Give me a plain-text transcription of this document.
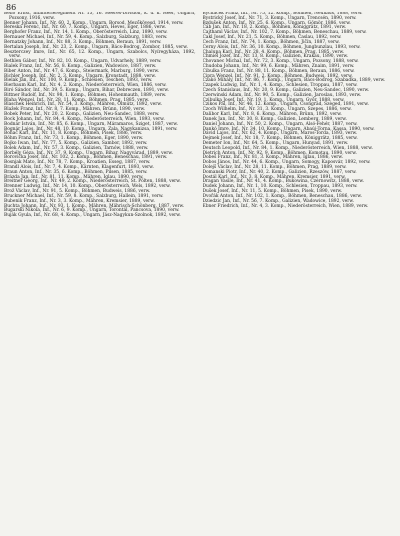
86

Bello Ernst, Infanterieregiment Nr. 13, 16. Heeres-Division, k. u. k. Heer, Ungarn, Pozsony, 1916, verw.

Benner Johann, Inf., Nr. 60, 2. Komp., Ungarn, Borsod, Mezőkövesd, 1914, verw.

Bereska Ferenc, Inf., Nr. 60, 7. Komp., Ungarn, Heves, Eger, 1886, verw.

Berghofer Franz, Inf., Nr. 14, 1. Komp., Oberösterreich, Linz, 1890, verw.

Bernauer Michael, Inf., Nr. 59, 4. Komp., Salzburg, Salzburg, 1883, verw.

Bernatzky Johann, Inf., Nr. 88, 3. Komp., Böhmen, Beraun, 1891, verw.

Bertalan Joseph, Inf., Nr. 23, 2. Komp., Ungarn, Bács-Bodrog, Zombor, 1885, verw.

Beszterczey Imre, Inf., Nr. 65, 12. Komp., Ungarn, Szabolcs, Nyíregyháza, 1892, verw.

Bethlen Gábor, Inf., Nr. 82, 10. Komp., Ungarn, Udvarhely, 1889, verw.

Bialek Franz, Inf., Nr. 56, 8. Komp., Galizien, Wadowice, 1887, verw.

Biber Anton, Inf., Nr. 47, 6. Komp., Steiermark, Marburg, 1890, verw.

Bichler Joseph, Inf., Nr. 2, 3. Komp., Ungarn, Kronstadt, 1888, verw.

Bielak Jan, Inf., Nr. 100, 9. Komp., Schlesien, Teschen, 1893, verw.

Bierbaum Karl, Inf., Nr. 4, 2. Komp., Niederösterreich, Wien, 1886, verw.

Biró Sándor, Inf., Nr. 39, 5. Komp., Ungarn, Bihar, Debreczen, 1891, verw.

Bittner Rudolf, Inf., Nr. 98, 1. Komp., Böhmen, Hohenmauth, 1889, verw.

Blaha Wenzel, Inf., Nr. 28, 11. Komp., Böhmen, Prag, 1885, verw.

Blaschek Heinrich, Inf., Nr. 54, 3. Komp., Mähren, Olmütz, 1892, verw.

Blažek Franz, Inf., Nr. 8, 7. Komp., Mähren, Brünn, 1890, verw.

Bobek Peter, Inf., Nr. 20, 2. Komp., Galizien, Neu-Sandec, 1888, verw.

Bock Johann, Inf., Nr. 84, 4. Komp., Niederösterreich, Wien, 1893, verw.

Bodnár István, Inf., Nr. 85, 6. Komp., Ungarn, Máramaros, Sziget, 1887, verw.

Bognár Lajos, Inf., Nr. 48, 10. Komp., Ungarn, Zala, Nagykanizsa, 1891, verw.

Bohač Karl, Inf., Nr. 11, 8. Komp., Böhmen, Pisek, 1886, verw.

Böhm Franz, Inf., Nr. 73, 1. Komp., Böhmen, Eger, 1890, verw.

Bojko Iwan, Inf., Nr. 77, 5. Komp., Galizien, Sambor, 1892, verw.

Bolek Adam, Inf., Nr. 57, 3. Komp., Galizien, Tarnów, 1888, verw.

Borbély Géza, Inf., Nr. 37, 9. Komp., Ungarn, Bihar, Nagyvárad, 1889, verw.

Borovička Josef, Inf., Nr. 102, 2. Komp., Böhmen, Beneschau, 1891, verw.

Bosnjak Mato, Inf., Nr. 78, 7. Komp., Kroatien, Esseg, 1887, verw.

Brandl Alois, Inf., Nr. 7, 4. Komp., Kärnten, Klagenfurt, 1893, verw.

Braun Anton, Inf., Nr. 35, 6. Komp., Böhmen, Pilsen, 1885, verw.

Brázda Jan, Inf., Nr. 81, 11. Komp., Mähren, Iglau, 1890, verw.

Breitner Georg, Inf., Nr. 49, 2. Komp., Niederösterreich, St. Pölten, 1888, verw.

Brenner Ludwig, Inf., Nr. 14, 10. Komp., Oberösterreich, Wels, 1892, verw.

Brož Václav, Inf., Nr. 91, 5. Komp., Böhmen, Budweis, 1886, verw.

Bruckner Michael, Inf., Nr. 59, 8. Komp., Salzburg, Hallein, 1891, verw.

Bubenik Franz, Inf., Nr. 3, 3. Komp., Mähren, Kremsier, 1889, verw.

Buchta Johann, Inf., Nr. 93, 1. Komp., Mähren, Mährisch-Schönberg, 1887, verw.

Bugarski Nikola, Inf., Nr. 6, 9. Komp., Ungarn, Torontál, Pancsova, 1890, verw.

Buják Gyula, Inf., Nr. 68, 4. Komp., Ungarn, Jász-Nagykun-Szolnok, 1892, verw.

Bychaček Franz, Inf., Nr. 75, 12. Komp., Böhmen, Neuhaus, 1888, verw.

Bystrický Josef, Inf., Nr. 71, 3. Komp., Ungarn, Trencsén, 1890, verw.

Bzdušek Anton, Inf., Nr. 25, 6. Komp., Ungarn, Gömör, 1886, verw.

Cáb Jan, Inf., Nr. 18, 2. Komp., Böhmen, Königgrätz, 1891, verw.

Cajthaml Václav, Inf., Nr. 102, 7. Komp., Böhmen, Beneschau, 1889, verw.

Cakl Josef, Inf., Nr. 21, 5. Komp., Böhmen, Časlau, 1892, verw.

Cech Franz, Inf., Nr. 74, 1. Komp., Böhmen, Jičín, 1887, verw.

Cerny Alois, Inf., Nr. 36, 10. Komp., Böhmen, Jungbunzlau, 1893, verw.

Chalupa Karl, Inf., Nr. 28, 4. Komp., Böhmen, Prag, 1885, verw.

Chmiel Jozef, Inf., Nr. 13, 8. Komp., Galizien, Krakau, 1890, verw.

Chovanec Michal, Inf., Nr. 72, 3. Komp., Ungarn, Pozsony, 1888, verw.

Chudoba Johann, Inf., Nr. 99, 6. Komp., Mähren, Znaim, 1891, verw.

Cibulka Franz, Inf., Nr. 88, 11. Komp., Böhmen, Beraun, 1886, verw.

Cipra Wenzel, Inf., Nr. 91, 2. Komp., Böhmen, Budweis, 1892, verw.

Czakó Mihály, Inf., Nr. 86, 7. Komp., Ungarn, Bács-Bodrog, Szabadka, 1889, verw.

Czapek Ludwig, Inf., Nr. 1, 4. Komp., Schlesien, Troppau, 1887, verw.

Czech Stanislaus, Inf., Nr. 20, 9. Komp., Galizien, Neu-Sandec, 1890, verw.

Czerwinski Adam, Inf., Nr. 90, 5. Komp., Galizien, Jaroslau, 1893, verw.

Czibulka Josef, Inf., Nr. 19, 1. Komp., Ungarn, Győr, 1888, verw.

Czikos Pál, Inf., Nr. 46, 12. Komp., Ungarn, Csongrád, Szeged, 1891, verw.

Czoch Wilhelm, Inf., Nr. 31, 3. Komp., Ungarn, Szepes, 1886, verw.

Dalibor Karl, Inf., Nr. 8, 6. Komp., Mähren, Brünn, 1892, verw.

Danek Jan, Inf., Nr. 30, 8. Komp., Galizien, Lemberg, 1889, verw.

Daniel Johann, Inf., Nr. 50, 2. Komp., Ungarn, Alsó-Fehér, 1887, verw.

Dankó Imre, Inf., Nr. 34, 10. Komp., Ungarn, Abaúj-Torna, Kassa, 1890, verw.

Dávid Lajos, Inf., Nr. 62, 4. Komp., Ungarn, Maros-Torda, 1893, verw.

Dejmek Josef, Inf., Nr. 18, 7. Komp., Böhmen, Königgrätz, 1885, verw.

Demeter Ion, Inf., Nr. 64, 5. Komp., Ungarn, Hunyad, 1891, verw.

Deutsch Leopold, Inf., Nr. 84, 1. Komp., Niederösterreich, Wien, 1888, verw.

Dietrich Anton, Inf., Nr. 92, 9. Komp., Böhmen, Komotau, 1890, verw.

Dobeš Franz, Inf., Nr. 81, 3. Komp., Mähren, Iglau, 1886, verw.

Dobos János, Inf., Nr. 44, 6. Komp., Ungarn, Somogy, Kaposvár, 1892, verw.

Dolejš Václav, Inf., Nr. 28, 11. Komp., Böhmen, Prag, 1889, verw.

Domanski Piotr, Inf., Nr. 40, 2. Komp., Galizien, Rzeszów, 1887, verw.

Dostál Karl, Inf., Nr. 3, 8. Komp., Mähren, Kremsier, 1891, verw.

Dragan Vasile, Inf., Nr. 41, 4. Komp., Bukowina, Czernowitz, 1888, verw.

Dudek Johann, Inf., Nr. 1, 10. Komp., Schlesien, Troppau, 1893, verw.

Dušek Josef, Inf., Nr. 11, 5. Komp., Böhmen, Pisek, 1890, verw.

Dvořák Anton, Inf., Nr. 102, 1. Komp., Böhmen, Beneschau, 1886, verw.

Dziedzic Jan, Inf., Nr. 56, 7. Komp., Galizien, Wadowice, 1892, verw.

Ebner Friedrich, Inf., Nr. 4, 3. Komp., Niederösterreich, Wien, 1889, verw.
